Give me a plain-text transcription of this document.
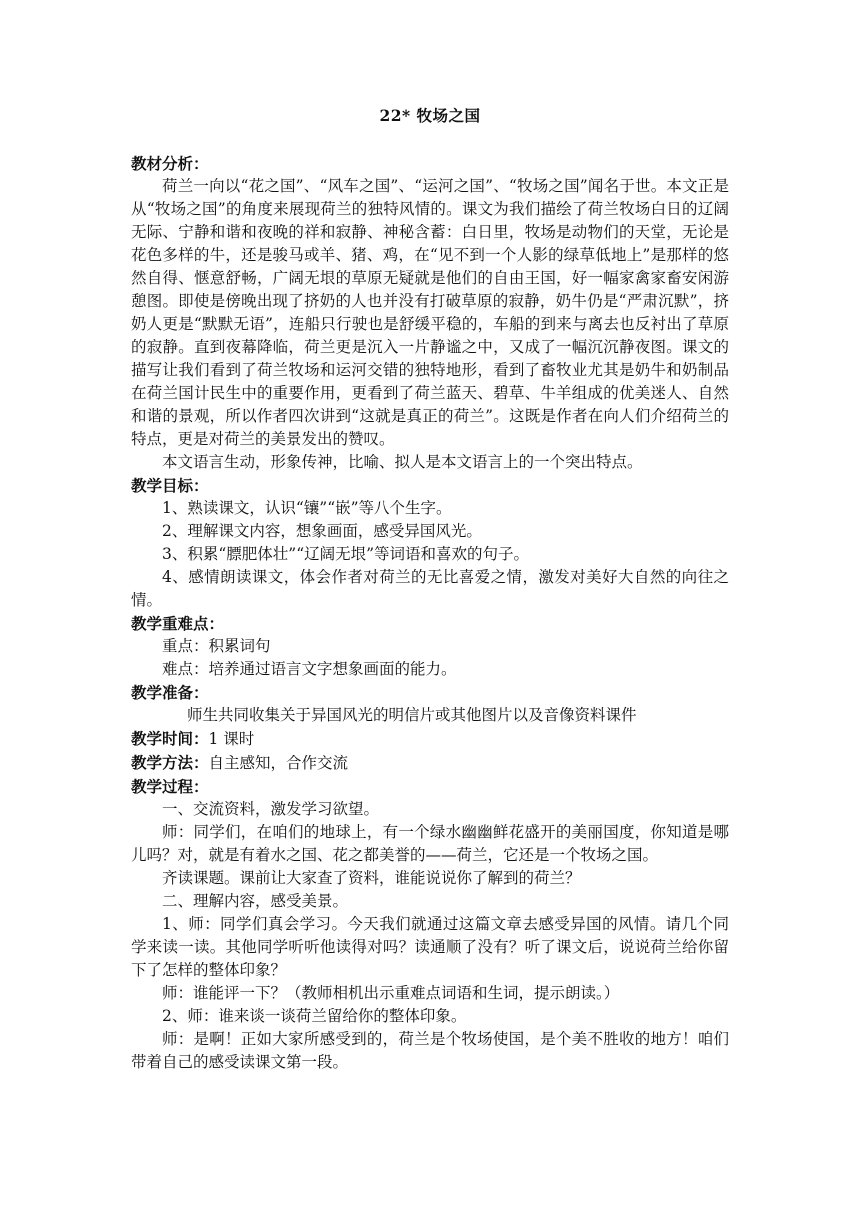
22* 牧场之国

教材分析：

荷兰一向以“花之国”、“风车之国”、“运河之国”、“牧场之国”闻名于世。本文正是从“牧场之国”的角度来展现荷兰的独特风情的。课文为我们描绘了荷兰牧场白日的辽阔无际、宁静和谐和夜晚的祥和寂静、神秘含蓄：白日里，牧场是动物们的天堂，无论是花色多样的牛，还是骏马或羊、猪、鸡，在“见不到一个人影的绿草低地上”是那样的悠然自得、惬意舒畅，广阔无垠的草原无疑就是他们的自由王国，好一幅家禽家畜安闲游憩图。即使是傍晚出现了挤奶的人也并没有打破草原的寂静，奶牛仍是“严肃沉默”，挤奶人更是“默默无语”，连船只行驶也是舒缓平稳的，车船的到来与离去也反衬出了草原的寂静。直到夜幕降临，荷兰更是沉入一片静谧之中，又成了一幅沉沉静夜图。课文的描写让我们看到了荷兰牧场和运河交错的独特地形，看到了畜牧业尤其是奶牛和奶制品在荷兰国计民生中的重要作用，更看到了荷兰蓝天、碧草、牛羊组成的优美迷人、自然和谐的景观，所以作者四次讲到“这就是真正的荷兰”。这既是作者在向人们介绍荷兰的特点，更是对荷兰的美景发出的赞叹。

本文语言生动，形象传神，比喻、拟人是本文语言上的一个突出特点。

教学目标：

1、熟读课文，认识“镶”“嵌”等八个生字。

2、理解课文内容，想象画面，感受异国风光。

3、积累“膘肥体壮”“辽阔无垠”等词语和喜欢的句子。

4、感情朗读课文，体会作者对荷兰的无比喜爱之情，激发对美好大自然的向往之情。

教学重难点：

重点：积累词句

难点：培养通过语言文字想象画面的能力。

教学准备：

师生共同收集关于异国风光的明信片或其他图片以及音像资料课件

教学时间：1 课时

教学方法：自主感知，合作交流

教学过程：

一、交流资料，激发学习欲望。

师：同学们，在咱们的地球上，有一个绿水幽幽鲜花盛开的美丽国度，你知道是哪儿吗？对，就是有着水之国、花之都美誉的——荷兰，它还是一个牧场之国。

齐读课题。课前让大家查了资料，谁能说说你了解到的荷兰？

二、理解内容，感受美景。

1、师：同学们真会学习。今天我们就通过这篇文章去感受异国的风情。请几个同学来读一读。其他同学听听他读得对吗？读通顺了没有？听了课文后，说说荷兰给你留下了怎样的整体印象？

师：谁能评一下？（教师相机出示重难点词语和生词，提示朗读。）

2、师：谁来谈一谈荷兰留给你的整体印象。

师：是啊！正如大家所感受到的，荷兰是个牧场使国，是个美不胜收的地方！咱们带着自己的感受读课文第一段。
